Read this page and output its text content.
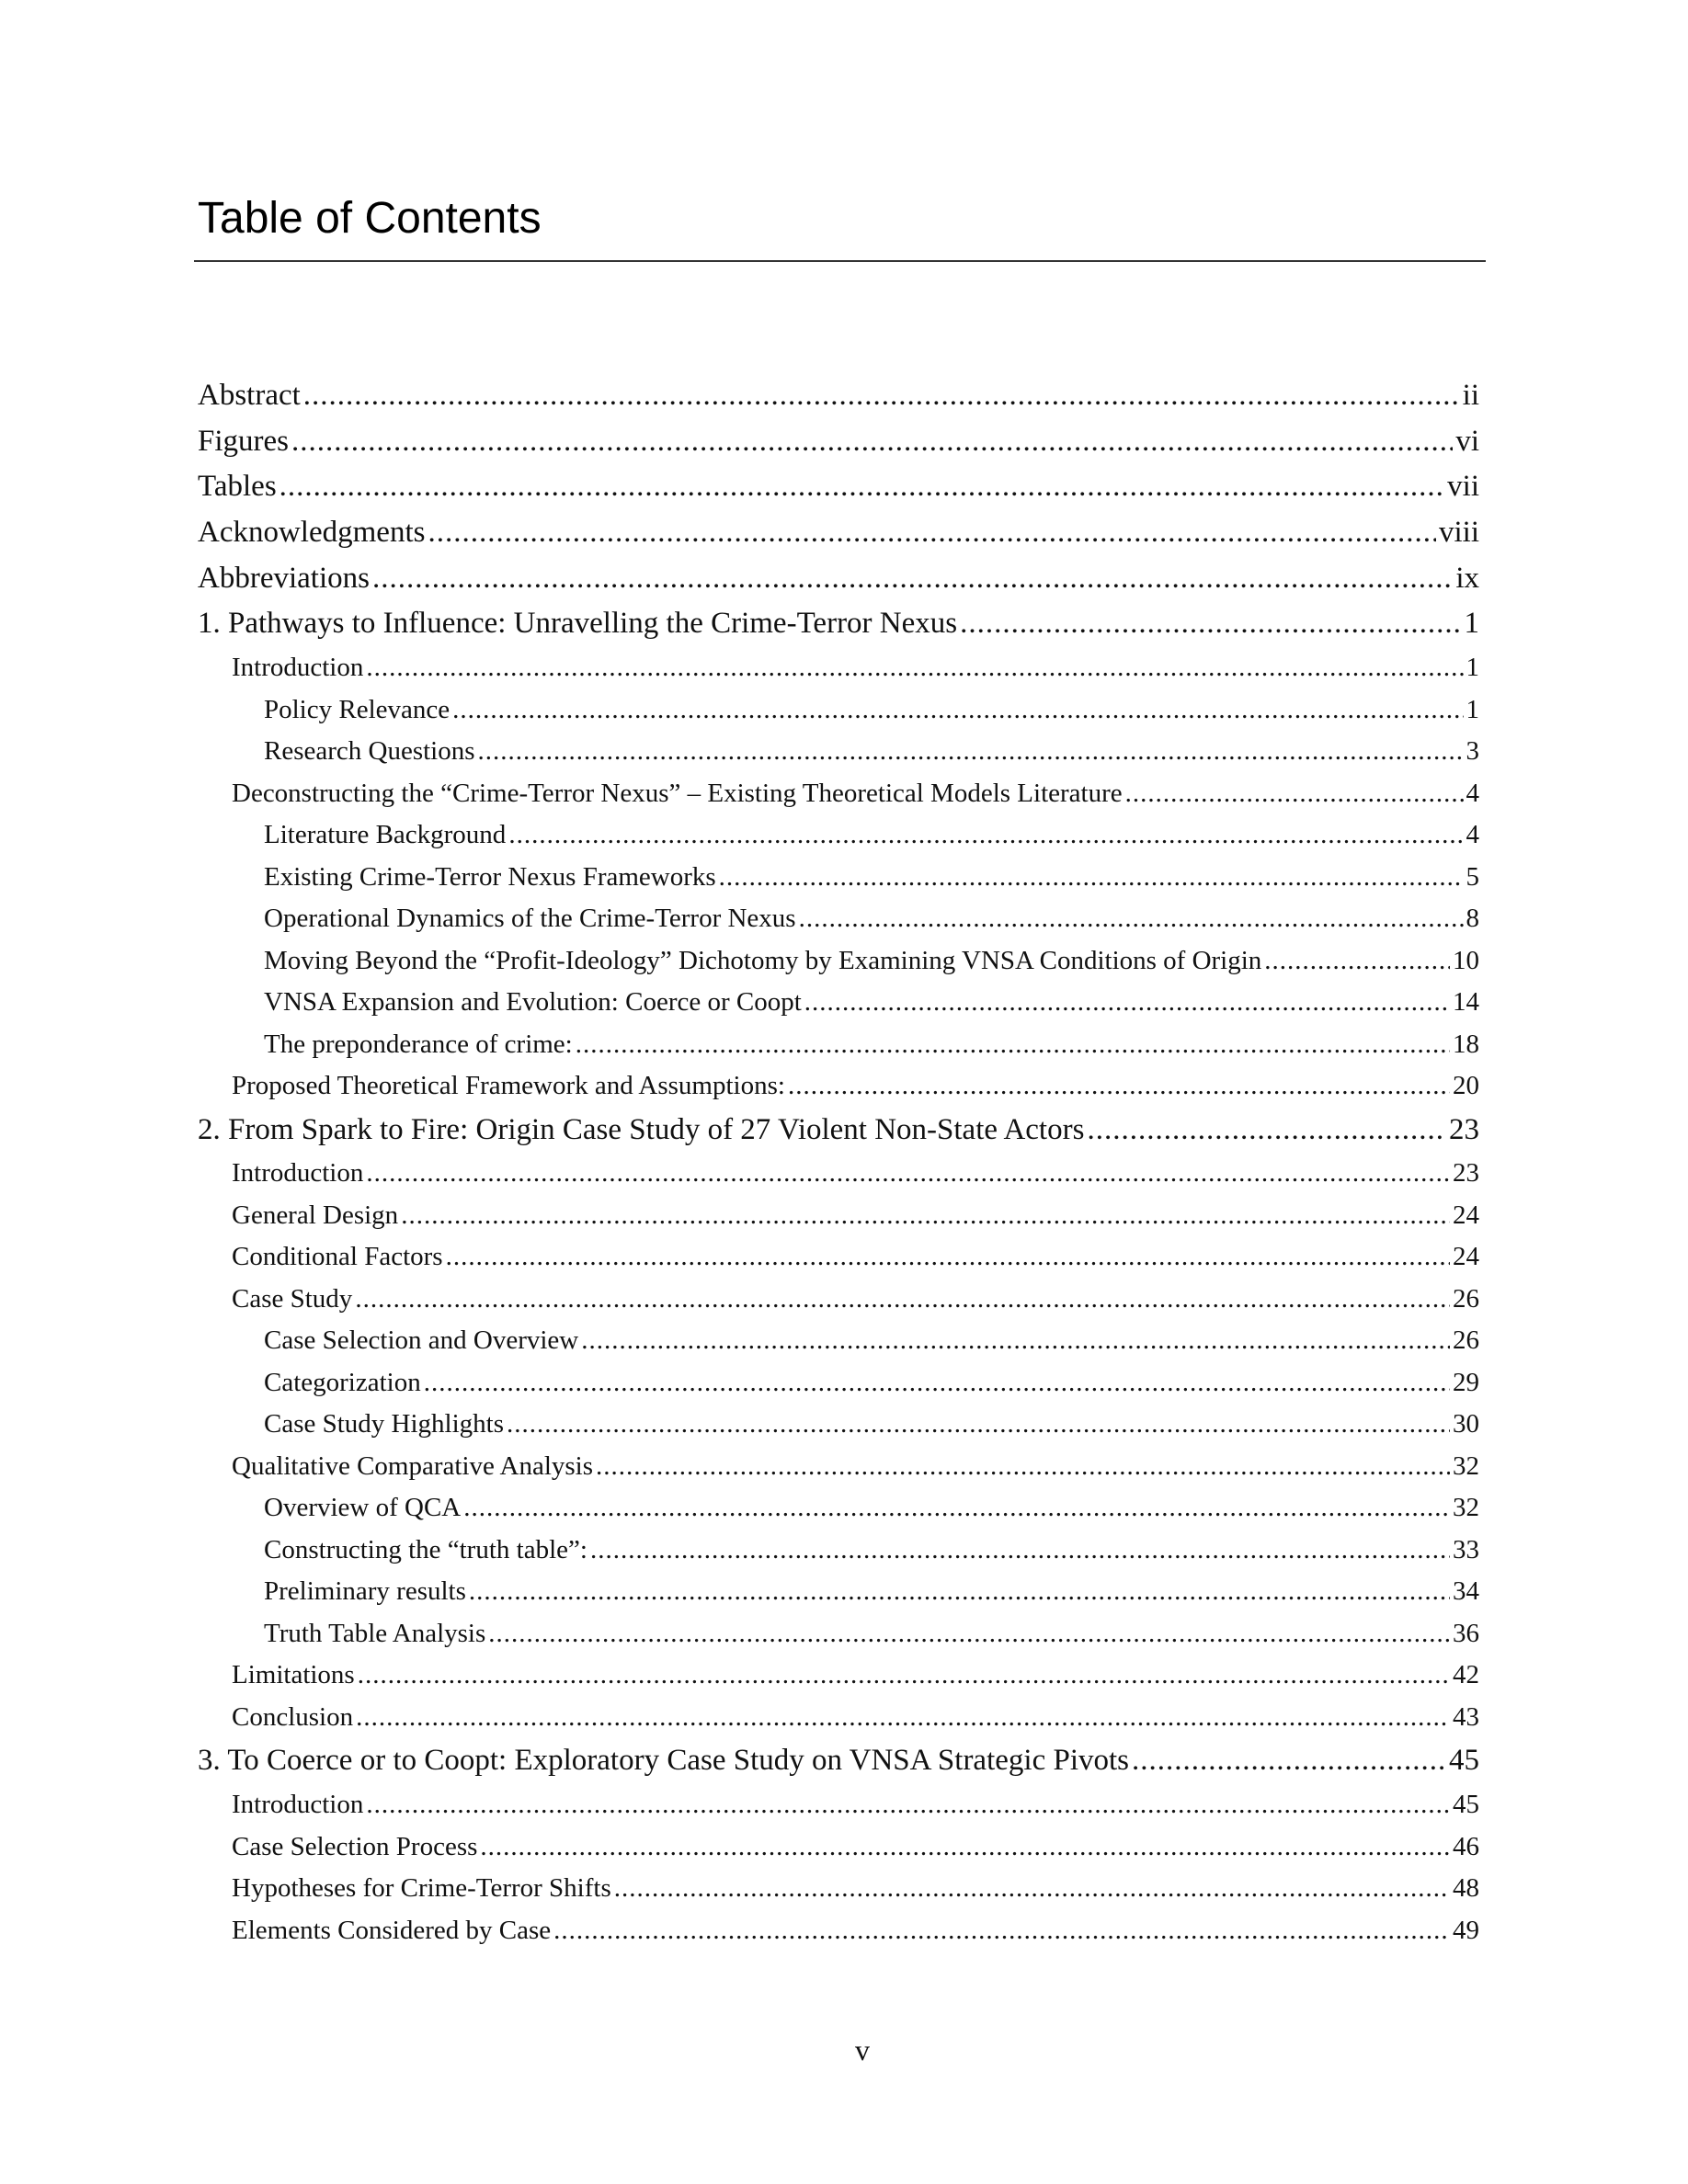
Table of Contents
Abstract .....	ii
Figures .....	vi
Tables .....	vii
Acknowledgments .....	viii
Abbreviations .....	ix
1. Pathways to Influence: Unravelling the Crime-Terror Nexus .....	1
Introduction .....	1
Policy Relevance .....	1
Research Questions .....	3
Deconstructing the “Crime-Terror Nexus” – Existing Theoretical Models Literature .....	4
Literature Background .....	4
Existing Crime-Terror Nexus Frameworks .....	5
Operational Dynamics of the Crime-Terror Nexus .....	8
Moving Beyond the “Profit-Ideology” Dichotomy by Examining VNSA Conditions of Origin .....	10
VNSA Expansion and Evolution: Coerce or Coopt .....	14
The preponderance of crime: .....	18
Proposed Theoretical Framework and Assumptions: .....	20
2. From Spark to Fire: Origin Case Study of 27 Violent Non-State Actors .....	23
Introduction .....	23
General Design .....	24
Conditional Factors .....	24
Case Study .....	26
Case Selection and Overview .....	26
Categorization .....	29
Case Study Highlights .....	30
Qualitative Comparative Analysis .....	32
Overview of QCA .....	32
Constructing the “truth table”: .....	33
Preliminary results .....	34
Truth Table Analysis .....	36
Limitations .....	42
Conclusion .....	43
3. To Coerce or to Coopt: Exploratory Case Study on VNSA Strategic Pivots .....	45
Introduction .....	45
Case Selection Process .....	46
Hypotheses for Crime-Terror Shifts .....	48
Elements Considered by Case .....	49
v
